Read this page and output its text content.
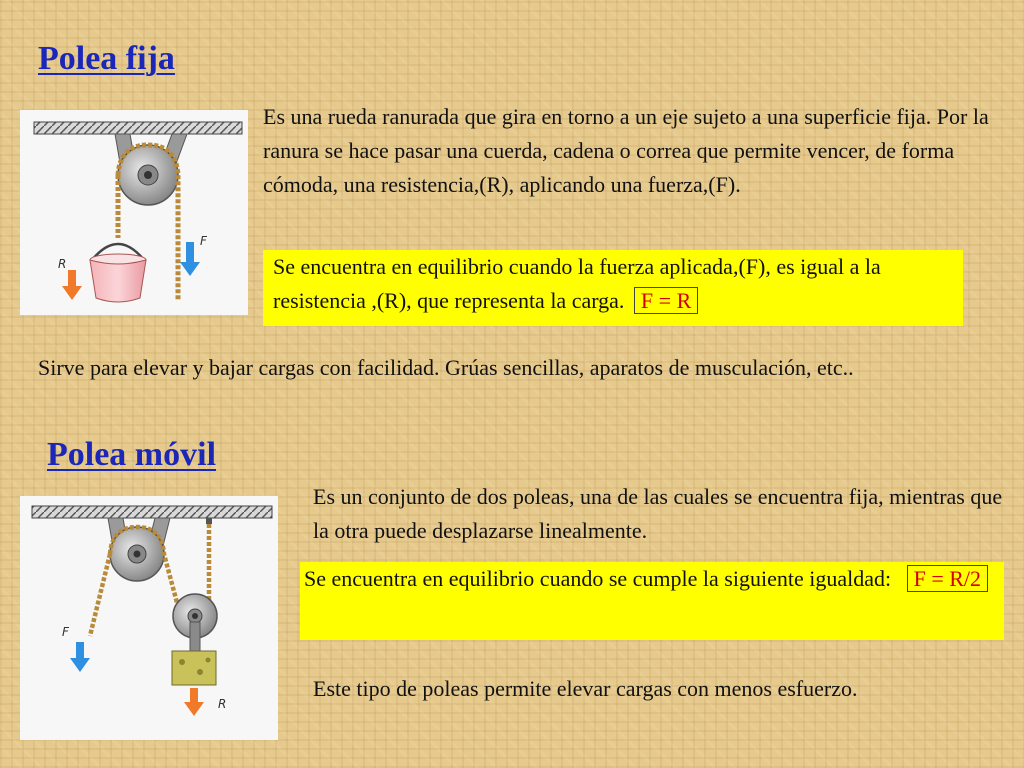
Polea fija
R
F
Es una rueda ranurada que gira en torno a un eje sujeto a una superficie fija. Por la ranura se hace pasar una cuerda, cadena o correa que permite vencer, de forma cómoda, una resistencia,(R), aplicando una fuerza,(F).
Se encuentra en equilibrio cuando la fuerza aplicada,(F), es igual a la resistencia ,(R), que representa la carga. F = R
Sirve para elevar y bajar cargas con facilidad. Grúas sencillas, aparatos de musculación, etc..
Polea móvil
F
R
Es un conjunto de dos poleas, una de las cuales se encuentra fija, mientras que la otra puede desplazarse linealmente.
Se encuentra en equilibrio cuando se cumple la siguiente igualdad: F = R/2
Este tipo de poleas permite elevar cargas con menos esfuerzo.
